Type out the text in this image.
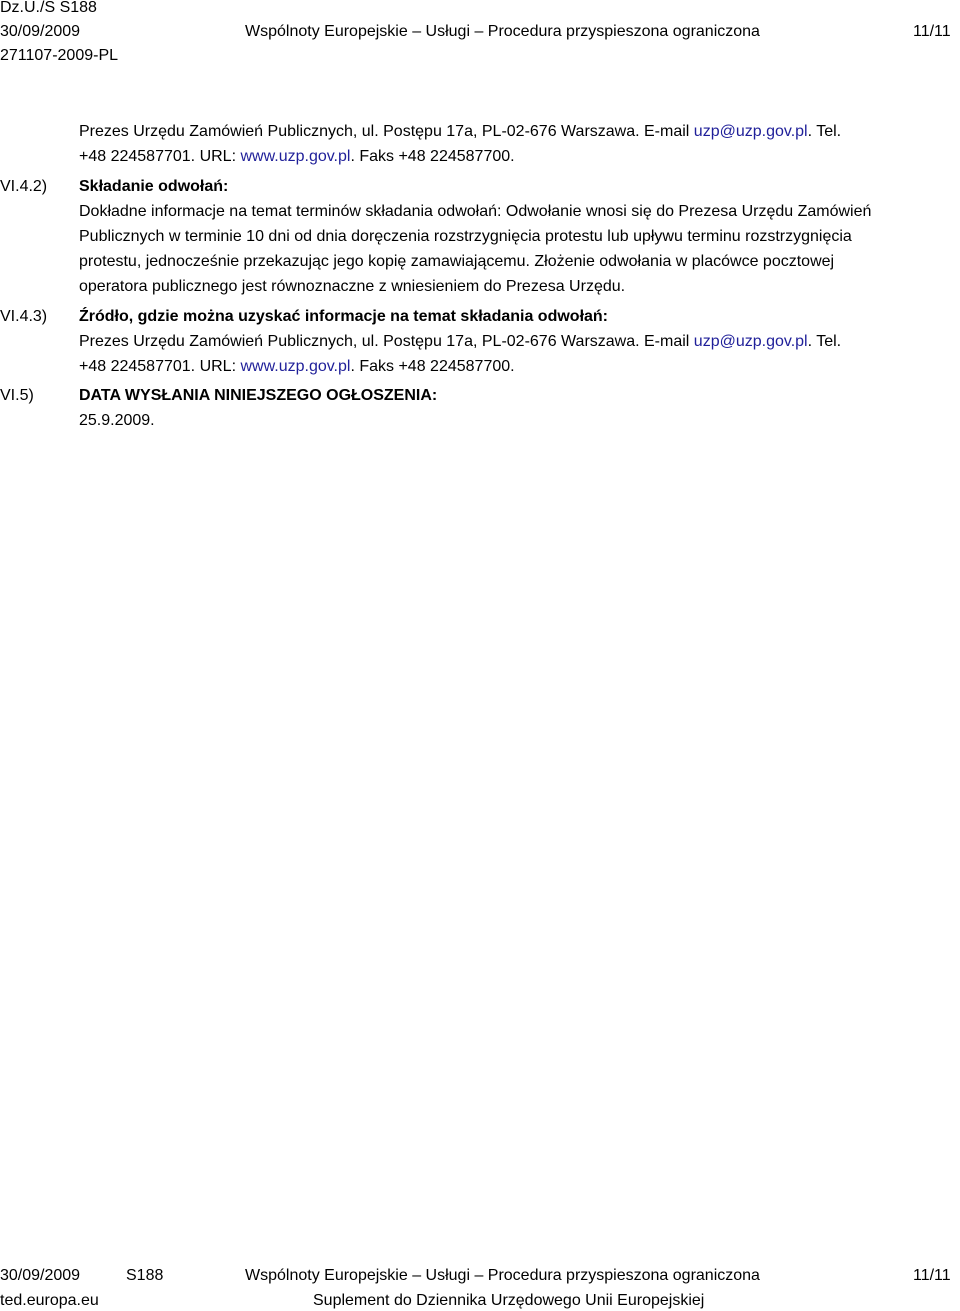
Dz.U./S S188
30/09/2009	Wspólnoty Europejskie – Usługi – Procedura przyspieszona ograniczona	11/11
271107-2009-PL
Prezes Urzędu Zamówień Publicznych, ul. Postępu 17a, PL-02-676 Warszawa. E-mail uzp@uzp.gov.pl. Tel.
+48 224587701. URL: www.uzp.gov.pl. Faks +48 224587700.
VI.4.2) Składanie odwołań:
Dokładne informacje na temat terminów składania odwołań: Odwołanie wnosi się do Prezesa Urzędu Zamówień
Publicznych w terminie 10 dni od dnia doręczenia rozstrzygnięcia protestu lub upływu terminu rozstrzygnięcia
protestu, jednocześnie przekazując jego kopię zamawiającemu. Złożenie odwołania w placówce pocztowej
operatora publicznego jest równoznaczne z wniesieniem do Prezesa Urzędu.
VI.4.3) Źródło, gdzie można uzyskać informacje na temat składania odwołań:
Prezes Urzędu Zamówień Publicznych, ul. Postępu 17a, PL-02-676 Warszawa. E-mail uzp@uzp.gov.pl. Tel.
+48 224587701. URL: www.uzp.gov.pl. Faks +48 224587700.
VI.5)	DATA WYSŁANIA NINIEJSZEGO OGŁOSZENIA:
25.9.2009.
30/09/2009	S188	Wspólnoty Europejskie – Usługi – Procedura przyspieszona ograniczona	11/11
ted.europa.eu	Suplement do Dziennika Urzędowego Unii Europejskiej
